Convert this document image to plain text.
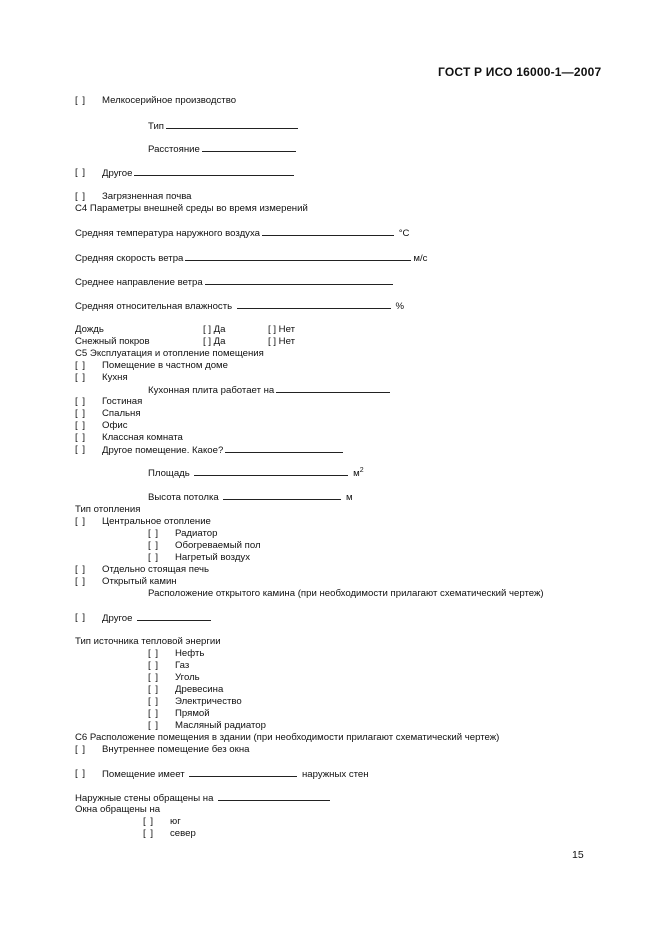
ГОСТ Р ИСО 16000-1—2007
[ ] Мелкосерийное производство
Тип
Расстояние
[ ] Другое
[ ] Загрязненная почва
С4 Параметры внешней среды во время измерений
Средняя температура наружного воздуха	°С
Средняя скорость ветра	м/с
Среднее направление ветра
Средняя относительная влажность	%
Дождь	[ ] Да	[ ] Нет
Снежный покров	[ ] Да	[ ] Нет
С5 Эксплуатация и отопление помещения
[ ] Помещение в частном доме
[ ] Кухня
Кухонная плита работает на
[ ] Гостиная
[ ] Спальня
[ ] Офис
[ ] Классная комната
[ ] Другое помещение. Какое?
Площадь	$м^2$
Высота потолка	м
Тип отопления
[ ] Центральное отопление
[ ] Радиатор
[ ] Обогреваемый пол
[ ] Нагретый воздух
[ ] Отдельно стоящая печь
[ ] Открытый камин
Расположение открытого камина (при необходимости прилагают схематический чертеж)
[ ] Другое
Тип источника тепловой энергии
[ ] Нефть
[ ] Газ
[ ] Уголь
[ ] Древесина
[ ] Электричество
[ ] Прямой
[ ] Масляный радиатор
С6 Расположение помещения в здании (при необходимости прилагают схематический чертеж)
[ ] Внутреннее помещение без окна
[ ] Помещение имеет	наружных стен
Наружные стены обращены на
Окна обращены на
[ ] юг
[ ] север
15
